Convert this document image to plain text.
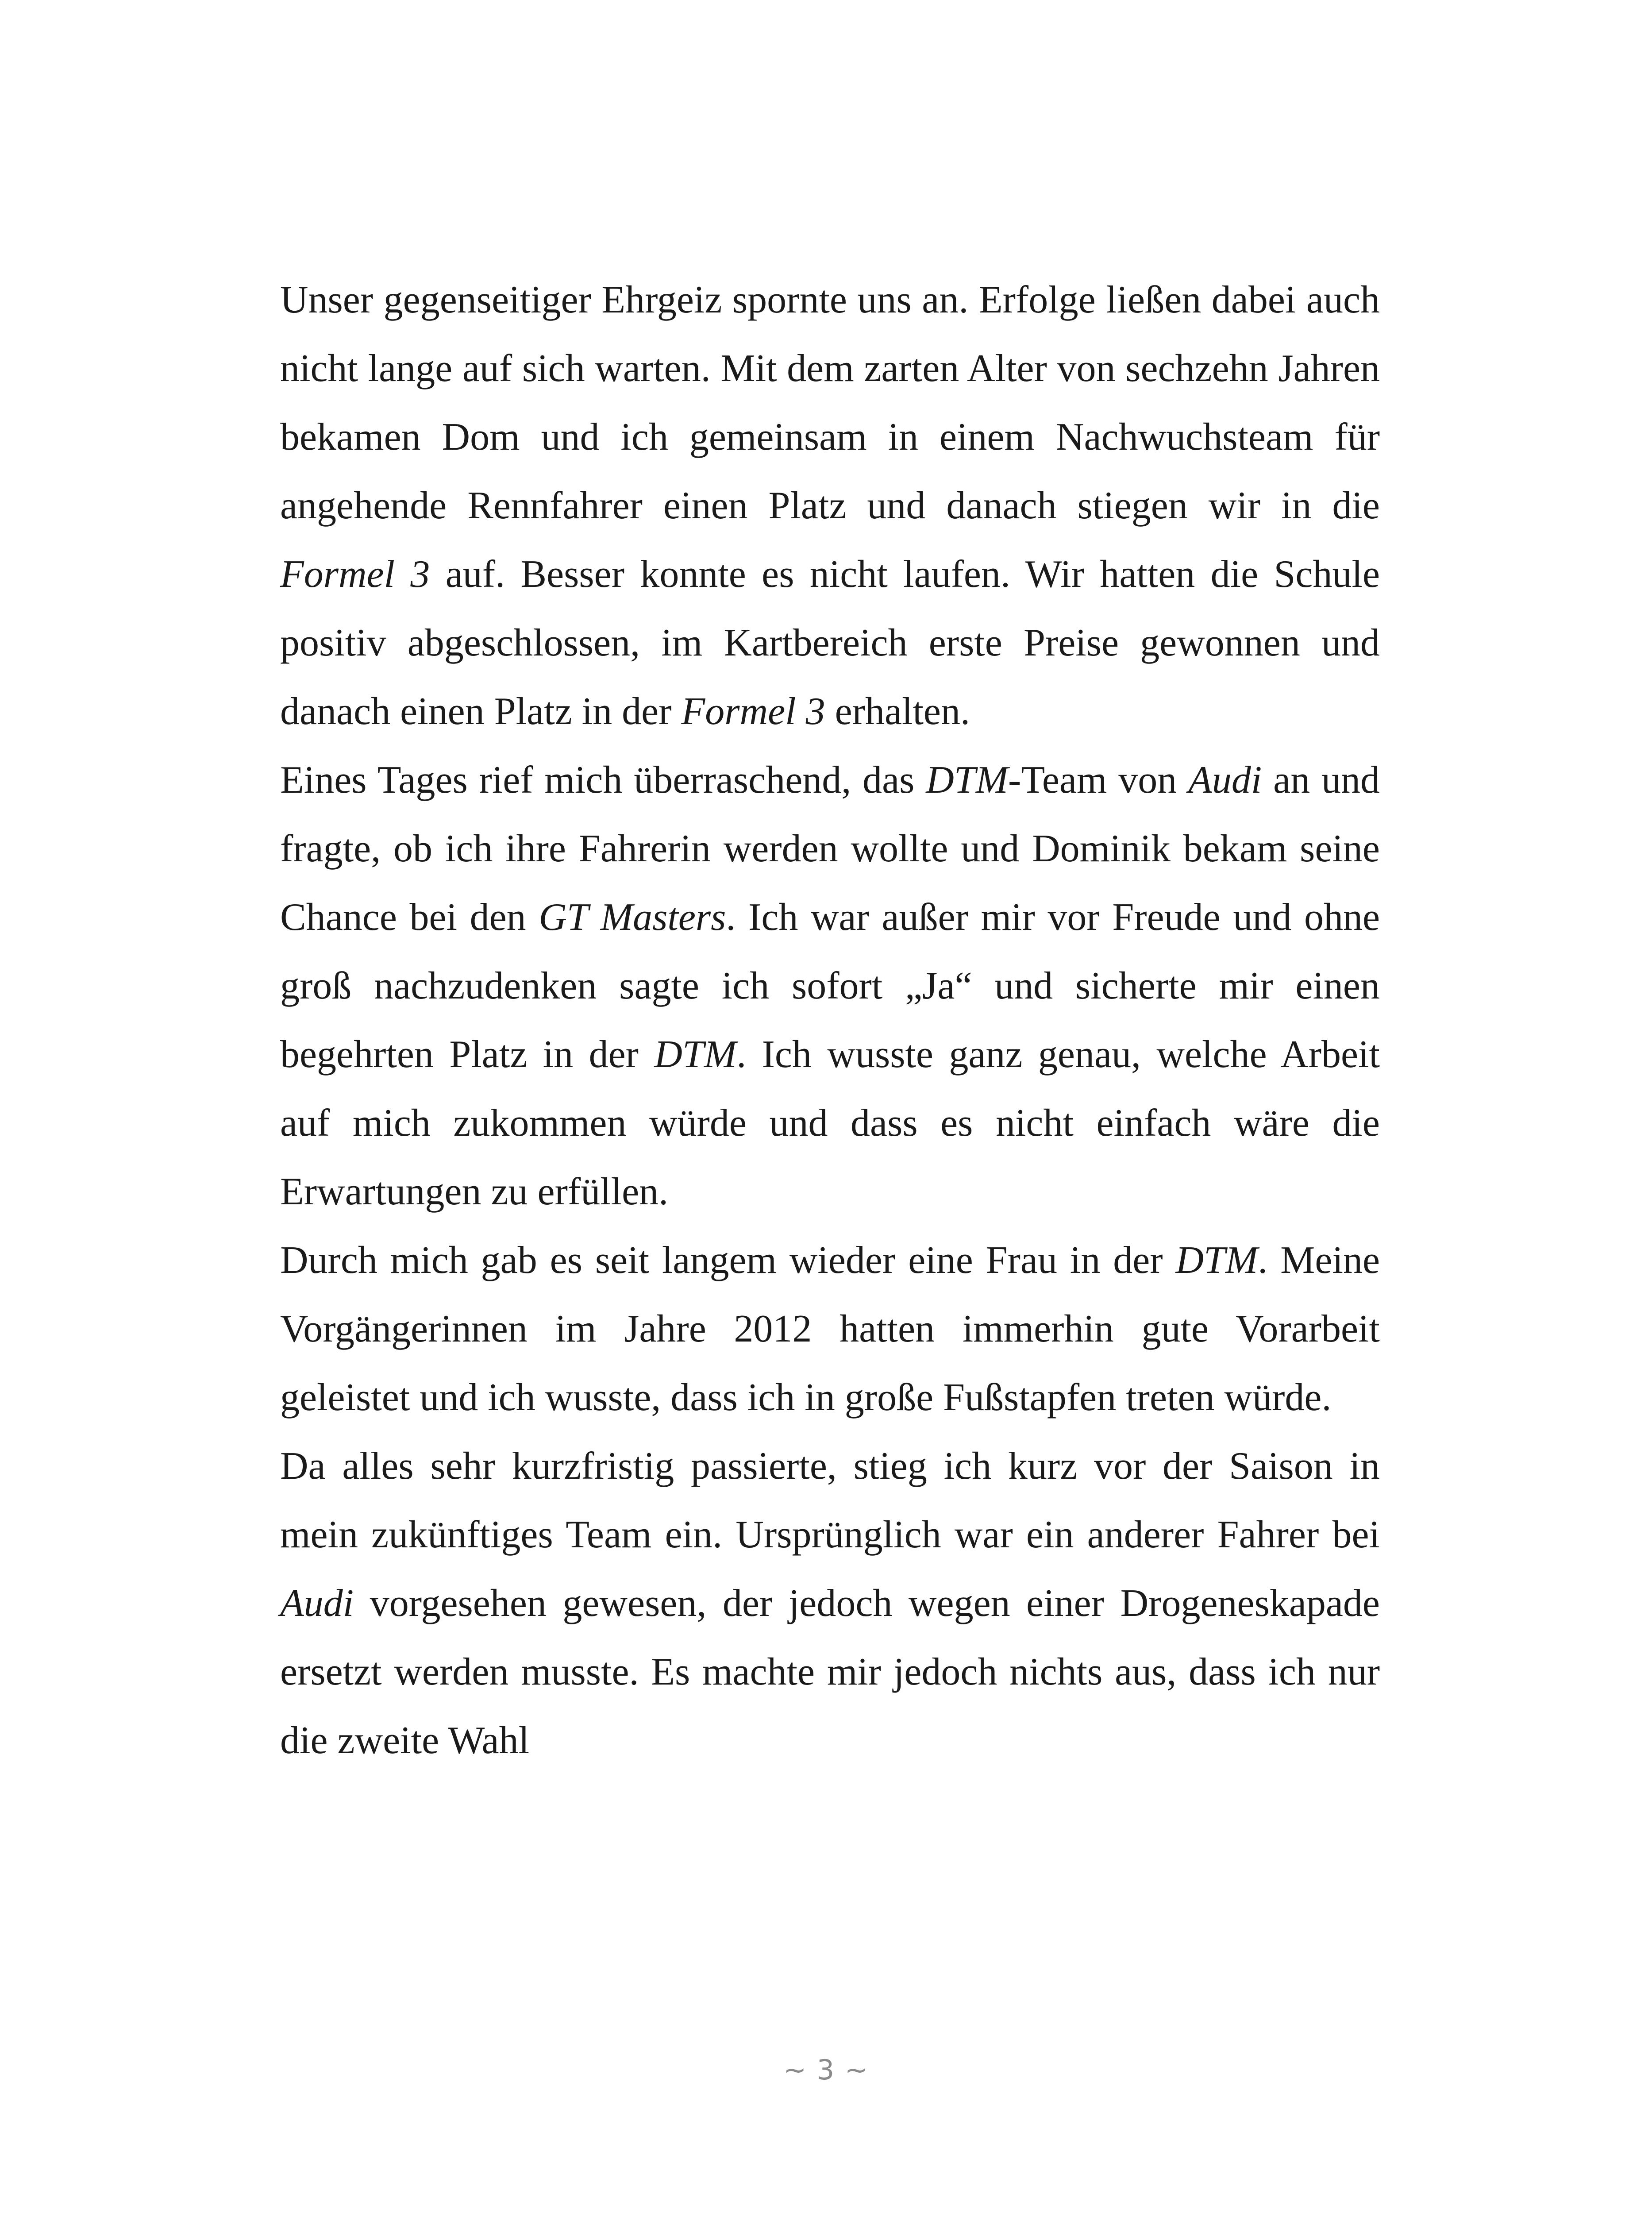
Unser gegenseitiger Ehrgeiz spornte uns an. Erfolge ließen dabei auch nicht lange auf sich warten. Mit dem zarten Alter von sechzehn Jahren bekamen Dom und ich gemeinsam in einem Nachwuchsteam für angehende Rennfahrer einen Platz und danach stiegen wir in die Formel 3 auf. Besser konnte es nicht laufen. Wir hatten die Schule positiv abgeschlossen, im Kartbereich erste Preise gewonnen und danach einen Platz in der Formel 3 erhalten.

Eines Tages rief mich überraschend, das DTM-Team von Audi an und fragte, ob ich ihre Fahrerin werden wollte und Dominik bekam seine Chance bei den GT Masters. Ich war außer mir vor Freude und ohne groß nachzudenken sagte ich sofort „Ja“ und sicherte mir einen begehrten Platz in der DTM. Ich wusste ganz genau, welche Arbeit auf mich zukommen würde und dass es nicht einfach wäre die Erwartungen zu erfüllen.

Durch mich gab es seit langem wieder eine Frau in der DTM. Meine Vorgängerinnen im Jahre 2012 hatten immerhin gute Vorarbeit geleistet und ich wusste, dass ich in große Fußstapfen treten würde.

Da alles sehr kurzfristig passierte, stieg ich kurz vor der Saison in mein zukünftiges Team ein. Ursprünglich war ein anderer Fahrer bei Audi vorgesehen gewesen, der jedoch wegen einer Drogeneskapade ersetzt werden musste. Es machte mir jedoch nichts aus, dass ich nur die zweite Wahl

~ 3 ~
